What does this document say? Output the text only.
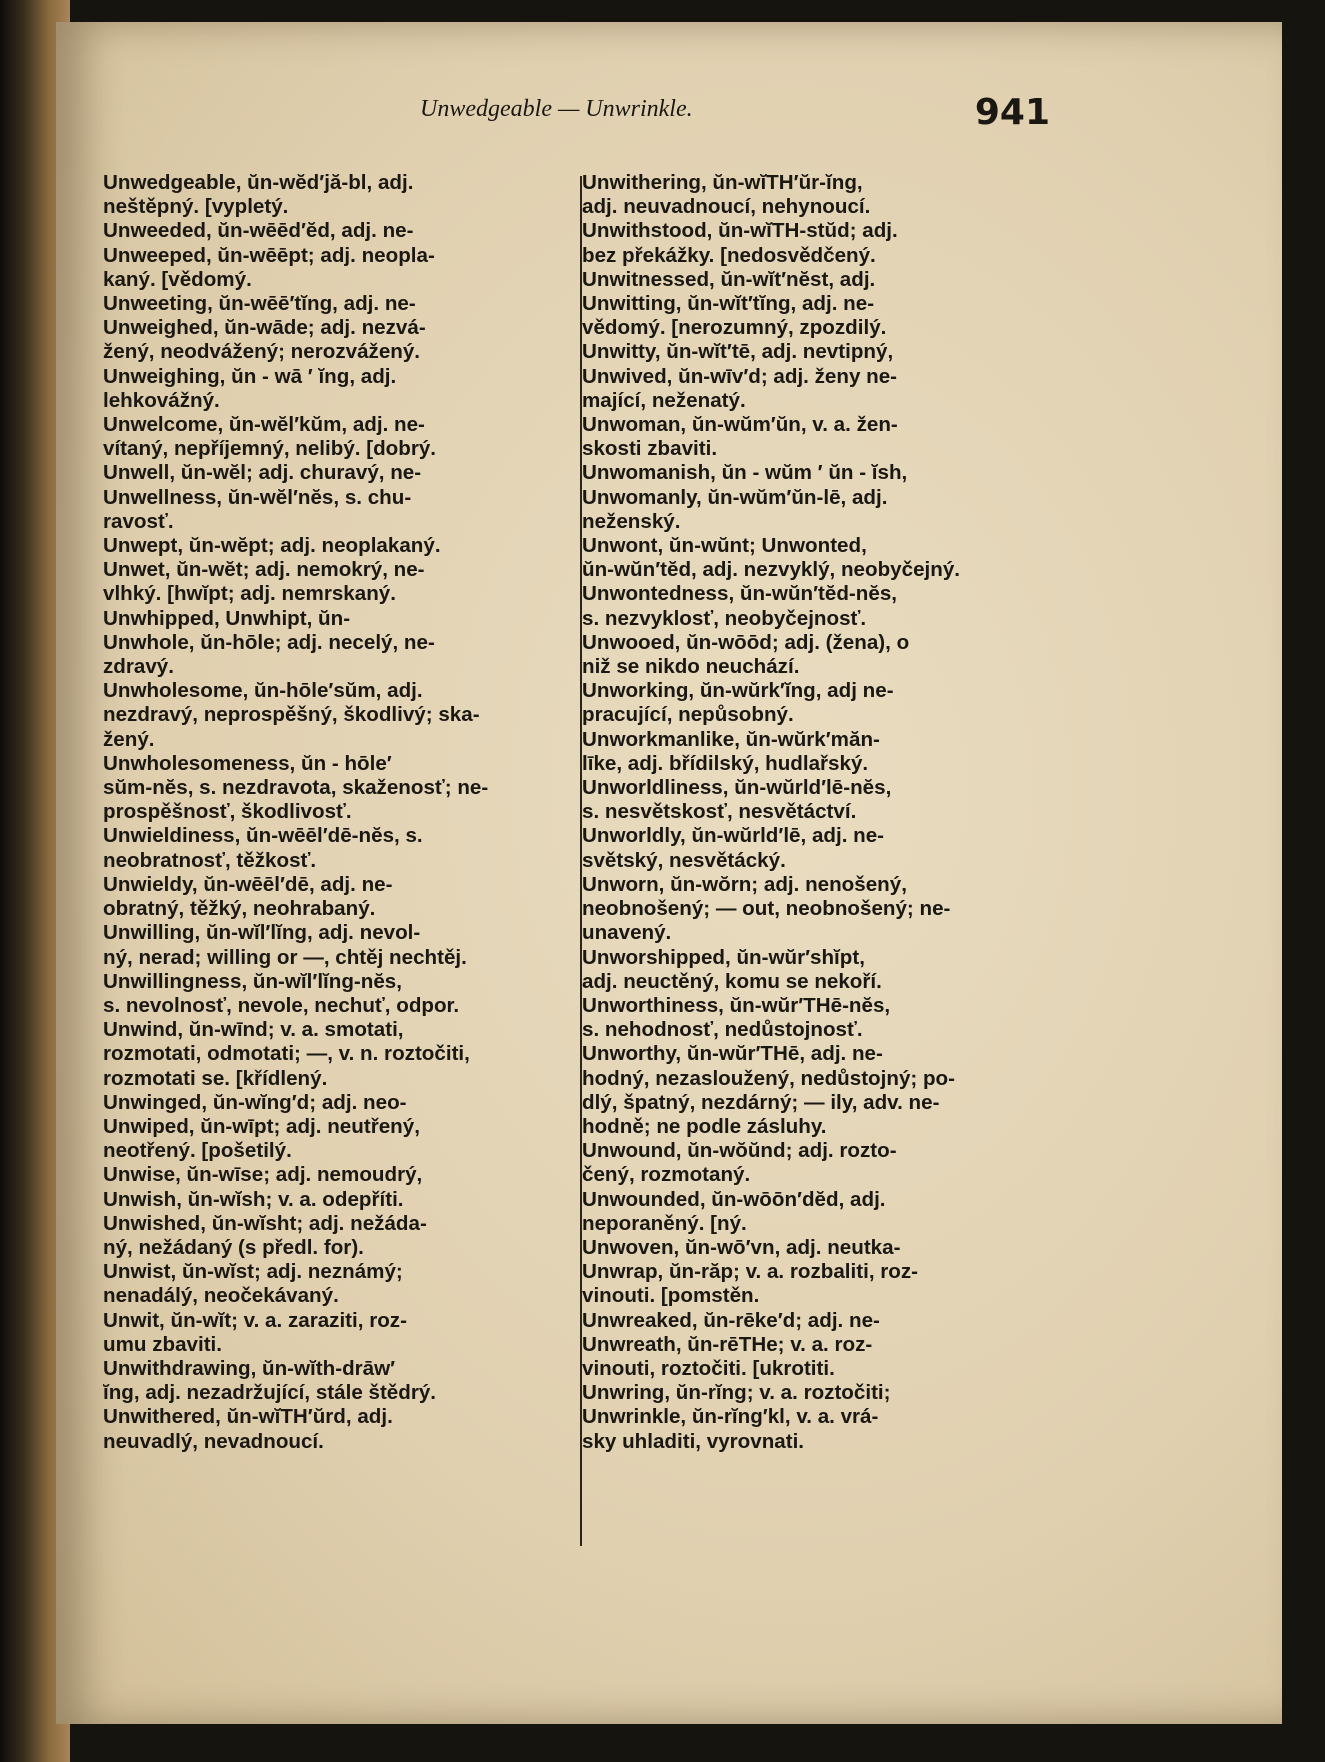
Unwedgeable — Unwrinkle.	941
Unwedgeable, ŭn-wĕd′jă-bl, adj.
neštěpný. [vypletý.
Unweeded, ŭn-wēēd′ĕd, adj. ne-
Unweeped, ŭn-wēēpt; adj. neopla-
kaný. [vědomý.
Unweeting, ŭn-wēē′tĭng, adj. ne-
Unweighed, ŭn-wāde; adj. nezvá-
žený, neodvážený; nerozvážený.
Unweighing, ŭn - wā ′ ĭng, adj.
lehkovážný.
Unwelcome, ŭn-wĕl′kŭm, adj. ne-
vítaný, nepříjemný, nelibý. [dobrý.
Unwell, ŭn-wĕl; adj. churavý, ne-
Unwellness, ŭn-wĕl′nĕs, s. chu-
ravosť.
Unwept, ŭn-wĕpt; adj. neoplakaný.
Unwet, ŭn-wĕt; adj. nemokrý, ne-
vlhký. [hwĭpt; adj. nemrskaný.
Unwhipped, Unwhipt, ŭn-
Unwhole, ŭn-hōle; adj. necelý, ne-
zdravý.
Unwholesome, ŭn-hōle′sŭm, adj.
nezdravý, neprospěšný, škodlivý; ska-
žený.
Unwholesomeness, ŭn - hōle′
sŭm-nĕs, s. nezdravota, skaženosť; ne-
prospěšnosť, škodlivosť.
Unwieldiness, ŭn-wēēl′dē-nĕs, s.
neobratnosť, těžkosť.
Unwieldy, ŭn-wēēl′dē, adj. ne-
obratný, těžký, neohrabaný.
Unwilling, ŭn-wĭl′lĭng, adj. nevol-
ný, nerad; willing or —, chtěj nechtěj.
Unwillingness, ŭn-wĭl′lĭng-nĕs,
s. nevolnosť, nevole, nechuť, odpor.
Unwind, ŭn-wīnd; v. a. smotati,
rozmotati, odmotati; —, v. n. roztočiti,
rozmotati se. [křídlený.
Unwinged, ŭn-wĭng′d; adj. neo-
Unwiped, ŭn-wīpt; adj. neutřený,
neotřený. [pošetilý.
Unwise, ŭn-wīse; adj. nemoudrý,
Unwish, ŭn-wĭsh; v. a. odepříti.
Unwished, ŭn-wĭsht; adj. nežáda-
ný, nežádaný (s předl. for).
Unwist, ŭn-wĭst; adj. neznámý;
nenadálý, neočekávaný.
Unwit, ŭn-wĭt; v. a. zaraziti, roz-
umu zbaviti.
Unwithdrawing, ŭn-wĭth-drāw′
ĭng, adj. nezadržující, stále štědrý.
Unwithered, ŭn-wĭTH′ŭrd, adj.
neuvadlý, nevadnoucí.
Unwithering, ŭn-wĭTH′ŭr-ĭng,
adj. neuvadnoucí, nehynoucí.
Unwithstood, ŭn-wĭTH-stŭd; adj.
bez překážky. [nedosvědčený.
Unwitnessed, ŭn-wĭt′nĕst, adj.
Unwitting, ŭn-wĭt′tĭng, adj. ne-
vědomý. [nerozumný, zpozdilý.
Unwitty, ŭn-wĭt′tē, adj. nevtipný,
Unwived, ŭn-wīv′d; adj. ženy ne-
mající, neženatý.
Unwoman, ŭn-wŭm′ŭn, v. a. žen-
skosti zbaviti.
Unwomanish, ŭn - wŭm ′ ŭn - ĭsh,
Unwomanly, ŭn-wŭm′ŭn-lē, adj.
neženský.
Unwont, ŭn-wŭnt; Unwonted,
ŭn-wŭn′tĕd, adj. nezvyklý, neobyčejný.
Unwontedness, ŭn-wŭn′tĕd-nĕs,
s. nezvyklosť, neobyčejnosť.
Unwooed, ŭn-wōōd; adj. (žena), o
niž se nikdo neuchází.
Unworking, ŭn-wŭrk′ĭng, adj ne-
pracující, nepůsobný.
Unworkmanlike, ŭn-wŭrk′măn-
līke, adj. břídilský, hudlařský.
Unworldliness, ŭn-wŭrld′lē-nĕs,
s. nesvětskosť, nesvětáctví.
Unworldly, ŭn-wŭrld′lē, adj. ne-
světský, nesvětácký.
Unworn, ŭn-wŏrn; adj. nenošený,
neobnošený; — out, neobnošený; ne-
unavený.
Unworshipped, ŭn-wŭr′shĭpt,
adj. neuctěný, komu se nekoří.
Unworthiness, ŭn-wŭr′THē-nĕs,
s. nehodnosť, nedůstojnosť.
Unworthy, ŭn-wŭr′THē, adj. ne-
hodný, nezasloužený, nedůstojný; po-
dlý, špatný, nezdárný; — ily, adv. ne-
hodně; ne podle zásluhy.
Unwound, ŭn-wŏŭnd; adj. rozto-
čený, rozmotaný.
Unwounded, ŭn-wōōn′dĕd, adj.
neporaněný. [ný.
Unwoven, ŭn-wō′vn, adj. neutka-
Unwrap, ŭn-răp; v. a. rozbaliti, roz-
vinouti. [pomstěn.
Unwreaked, ŭn-rēke′d; adj. ne-
Unwreath, ŭn-rēTHe; v. a. roz-
vinouti, roztočiti. [ukrotiti.
Unwring, ŭn-rĭng; v. a. roztočiti;
Unwrinkle, ŭn-rĭng′kl, v. a. vrá-
sky uhladiti, vyrovnati.
